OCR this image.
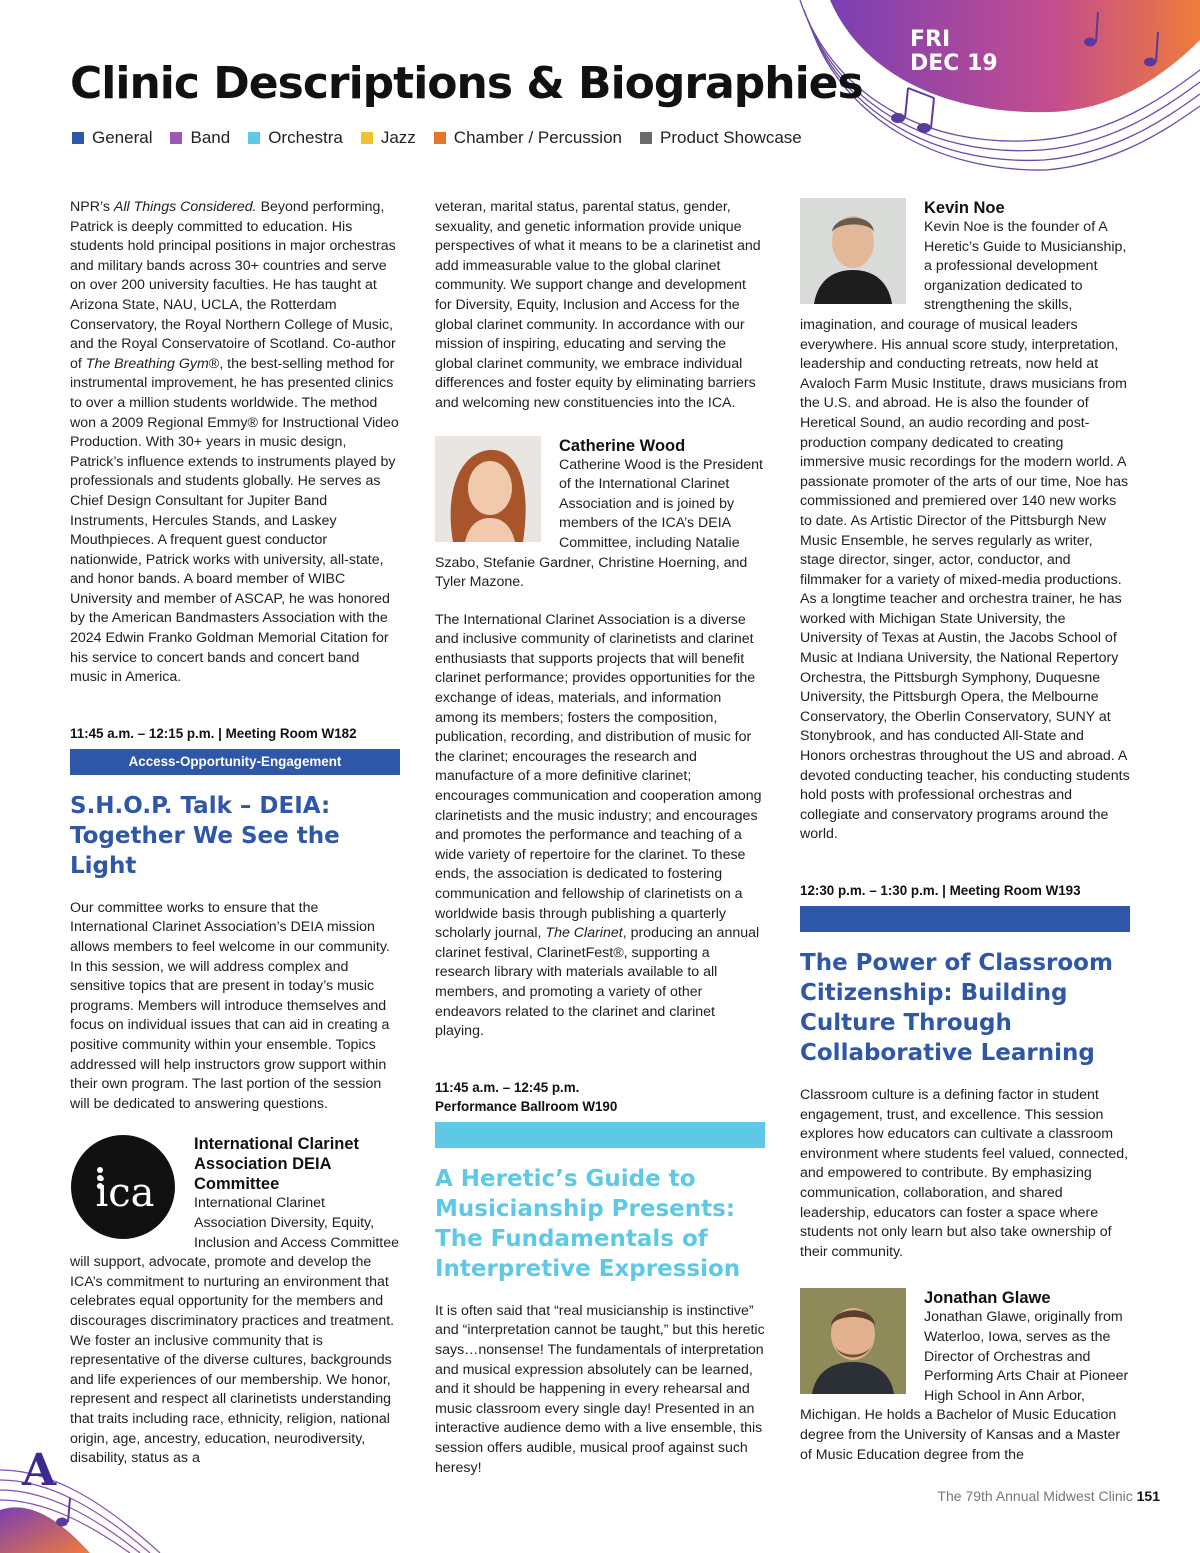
FRI
DEC 19
Clinic Descriptions & Biographies
General Band Orchestra Jazz Chamber / Percussion Product Showcase

NPR’s All Things Considered. Beyond performing, Patrick is deeply committed to education. His students hold principal positions in major orchestras and military bands across 30+ countries and serve on over 200 university faculties. He has taught at Arizona State, NAU, UCLA, the Rotterdam Conservatory, the Royal Northern College of Music, and the Royal Conservatoire of Scotland. Co-author of The Breathing Gym®, the best-selling method for instrumental improvement, he has presented clinics to over a million students worldwide. The method won a 2009 Regional Emmy® for Instructional Video Production. With 30+ years in music design, Patrick’s influence extends to instruments played by professionals and students globally. He serves as Chief Design Consultant for Jupiter Band Instruments, Hercules Stands, and Laskey Mouthpieces. A frequent guest conductor nationwide, Patrick works with university, all-state, and honor bands. A board member of WIBC University and member of ASCAP, he was honored by the American Bandmasters Association with the 2024 Edwin Franko Goldman Memorial Citation for his service to concert bands and concert band music in America.

11:45 a.m. – 12:15 p.m. | Meeting Room W182
Access-Opportunity-Engagement
S.H.O.P. Talk – DEIA:
Together We See the Light

Our committee works to ensure that the International Clarinet Association’s DEIA mission allows members to feel welcome in our community. In this session, we will address complex and sensitive topics that are present in today’s music programs. Members will introduce themselves and focus on individual issues that can aid in creating a positive community within your ensemble. Topics addressed will help instructors grow support within their own program. The last portion of the session will be dedicated to answering questions.

ica
International Clarinet Association DEIA Committee

International Clarinet Association Diversity, Equity, Inclusion and Access Committee will support, advocate, promote and develop the ICA’s commitment to nurturing an environment that celebrates equal opportunity for the members and discourages discriminatory practices and treatment. We foster an inclusive community that is representative of the diverse cultures, backgrounds and life experiences of our membership. We honor, represent and respect all clarinetists understanding that traits including race, ethnicity, religion, national origin, age, ancestry, education, neurodiversity, disability, status as a

veteran, marital status, parental status, gender, sexuality, and genetic information provide unique perspectives of what it means to be a clarinetist and add immeasurable value to the global clarinet community. We support change and development for Diversity, Equity, Inclusion and Access for the global clarinet community. In accordance with our mission of inspiring, educating and serving the global clarinet community, we embrace individual differences and foster equity by eliminating barriers and welcoming new constituencies into the ICA.

Catherine Wood

Catherine Wood is the President of the International Clarinet Association and is joined by members of the ICA’s DEIA Committee, including Natalie Szabo, Stefanie Gardner, Christine Hoerning, and Tyler Mazone.

The International Clarinet Association is a diverse and inclusive community of clarinetists and clarinet enthusiasts that supports projects that will benefit clarinet performance; provides opportunities for the exchange of ideas, materials, and information among its members; fosters the composition, publication, recording, and distribution of music for the clarinet; encourages the research and manufacture of a more definitive clarinet; encourages communication and cooperation among clarinetists and the music industry; and encourages and promotes the performance and teaching of a wide variety of repertoire for the clarinet. To these ends, the association is dedicated to fostering communication and fellowship of clarinetists on a worldwide basis through publishing a quarterly scholarly journal, The Clarinet, producing an annual clarinet festival, ClarinetFest®, supporting a research library with materials available to all members, and promoting a variety of other endeavors related to the clarinet and clarinet playing.

11:45 a.m. – 12:45 p.m.
Performance Ballroom W190
A Heretic’s Guide to
Musicianship Presents:
The Fundamentals of
Interpretive Expression

It is often said that “real musicianship is instinctive” and “interpretation cannot be taught,” but this heretic says…nonsense! The fundamentals of interpretation and musical expression absolutely can be learned, and it should be happening in every rehearsal and music classroom every single day! Presented in an interactive audience demo with a live ensemble, this session offers audible, musical proof against such heresy!

Kevin Noe

Kevin Noe is the founder of A Heretic’s Guide to Musicianship, a professional development organization dedicated to strengthening the skills, imagination, and courage of musical leaders everywhere. His annual score study, interpretation, leadership and conducting retreats, now held at Avaloch Farm Music Institute, draws musicians from the U.S. and abroad. He is also the founder of Heretical Sound, an audio recording and post-production company dedicated to creating immersive music recordings for the modern world. A passionate promoter of the arts of our time, Noe has commissioned and premiered over 140 new works to date. As Artistic Director of the Pittsburgh New Music Ensemble, he serves regularly as writer, stage director, singer, actor, conductor, and filmmaker for a variety of mixed-media productions. As a longtime teacher and orchestra trainer, he has worked with Michigan State University, the University of Texas at Austin, the Jacobs School of Music at Indiana University, the National Repertory Orchestra, the Pittsburgh Symphony, Duquesne University, the Pittsburgh Opera, the Melbourne Conservatory, the Oberlin Conservatory, SUNY at Stonybrook, and has conducted All-State and Honors orchestras throughout the US and abroad. A devoted conducting teacher, his conducting students hold posts with professional orchestras and collegiate and conservatory programs around the world.

12:30 p.m. – 1:30 p.m. | Meeting Room W193
The Power of Classroom
Citizenship: Building
Culture Through
Collaborative Learning

Classroom culture is a defining factor in student engagement, trust, and excellence. This session explores how educators can cultivate a classroom environment where students feel valued, connected, and empowered to contribute. By emphasizing communication, collaboration, and shared leadership, educators can foster a space where students not only learn but also take ownership of their community.

Jonathan Glawe

Jonathan Glawe, originally from Waterloo, Iowa, serves as the Director of Orchestras and Performing Arts Chair at Pioneer High School in Ann Arbor, Michigan. He holds a Bachelor of Music Education degree from the University of Kansas and a Master of Music Education degree from the

A	The 79th Annual Midwest Clinic 151
